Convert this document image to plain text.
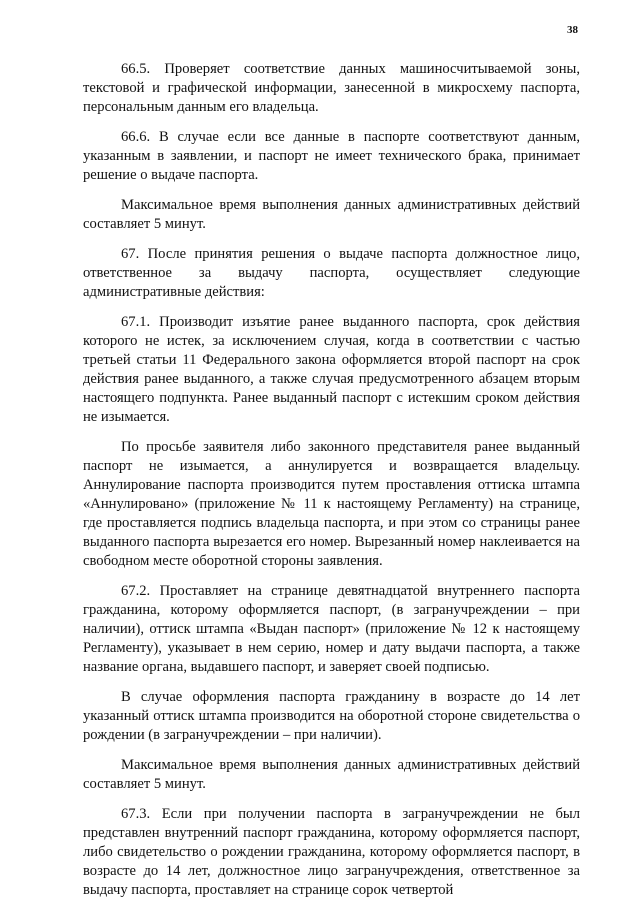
38

66.5. Проверяет соответствие данных машиносчитываемой зоны, текстовой и графической информации, занесенной в микросхему паспорта, персональным данным его владельца.

66.6. В случае если все данные в паспорте соответствуют данным, указанным в заявлении, и паспорт не имеет технического брака, принимает решение о выдаче паспорта.

Максимальное время выполнения данных административных действий составляет 5 минут.

67. После принятия решения о выдаче паспорта должностное лицо, ответственное за выдачу паспорта, осуществляет следующие административные действия:

67.1. Производит изъятие ранее выданного паспорта, срок действия которого не истек, за исключением случая, когда в соответствии с частью третьей статьи 11 Федерального закона оформляется второй паспорт на срок действия ранее выданного, а также случая предусмотренного абзацем вторым настоящего подпункта. Ранее выданный паспорт с истекшим сроком действия не изымается.

По просьбе заявителя либо законного представителя ранее выданный паспорт не изымается, а аннулируется и возвращается владельцу. Аннулирование паспорта производится путем проставления оттиска штампа «Аннулировано» (приложение № 11 к настоящему Регламенту) на странице, где проставляется подпись владельца паспорта, и при этом со страницы ранее выданного паспорта вырезается его номер. Вырезанный номер наклеивается на свободном месте оборотной стороны заявления.

67.2. Проставляет на странице девятнадцатой внутреннего паспорта гражданина, которому оформляется паспорт, (в загранучреждении – при наличии), оттиск штампа «Выдан паспорт» (приложение № 12 к настоящему Регламенту), указывает в нем серию, номер и дату выдачи паспорта, а также название органа, выдавшего паспорт, и заверяет своей подписью.

В случае оформления паспорта гражданину в возрасте до 14 лет указанный оттиск штампа производится на оборотной стороне свидетельства о рождении (в загранучреждении – при наличии).

Максимальное время выполнения данных административных действий составляет 5 минут.

67.3. Если при получении паспорта в загранучреждении не был представлен внутренний паспорт гражданина, которому оформляется паспорт, либо свидетельство о рождении гражданина, которому оформляется паспорт, в возрасте до 14 лет, должностное лицо загранучреждения, ответственное за выдачу паспорта, проставляет на странице сорок четвертой
